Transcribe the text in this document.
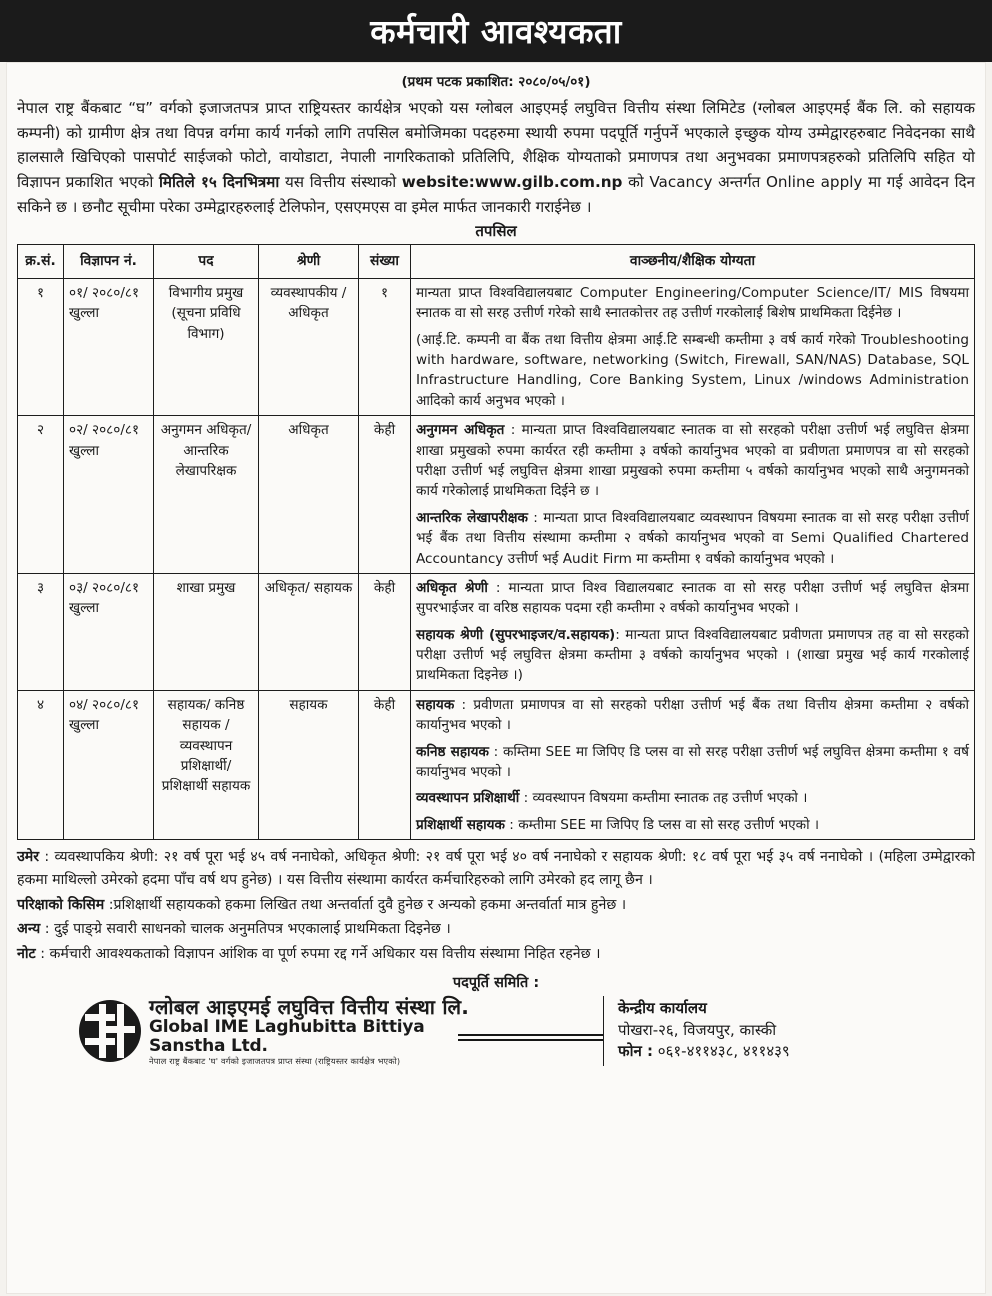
कर्मचारी आवश्यकता
(प्रथम पटक प्रकाशित: २०८०/०५/०१)

नेपाल राष्ट्र बैंकबाट “घ” वर्गको इजाजतपत्र प्राप्त राष्ट्रियस्तर कार्यक्षेत्र भएको यस ग्लोबल आइएमई लघुवित्त वित्तीय संस्था लिमिटेड (ग्लोबल आइएमई बैंक लि. को सहायक कम्पनी) को ग्रामीण क्षेत्र तथा विपन्न वर्गमा कार्य गर्नको लागि तपसिल बमोजिमका पदहरुमा स्थायी रुपमा पदपूर्ति गर्नुपर्ने भएकाले इच्छुक योग्य उम्मेद्वारहरुबाट निवेदनका साथै हालसालै खिचिएको पासपोर्ट साईजको फोटो, वायोडाटा, नेपाली नागरिकताको प्रतिलिपि, शैक्षिक योग्यताको प्रमाणपत्र तथा अनुभवका प्रमाणपत्रहरुको प्रतिलिपि सहित यो विज्ञापन प्रकाशित भएको मितिले १५ दिनभित्रमा यस वित्तीय संस्थाको website:www.gilb.com.np को Vacancy अन्तर्गत Online apply मा गई आवेदन दिन सकिने छ । छनौट सूचीमा परेका उम्मेद्वारहरुलाई टेलिफोन, एसएमएस वा इमेल मार्फत जानकारी गराईनेछ ।

तपसिल
क्र.सं.	विज्ञापन नं.	पद	श्रेणी	संख्या	वाञ्छनीय/शैक्षिक योग्यता
१	०१/ २०८०/८१ खुल्ला	विभागीय प्रमुख (सूचना प्रविधि विभाग)	व्यवस्थापकीय /अधिकृत	१	मान्यता प्राप्त विश्वविद्यालयबाट Computer Engineering/Computer Science/IT/ MIS विषयमा स्नातक वा सो सरह उत्तीर्ण गरेको साथै स्नातकोत्तर तह उत्तीर्ण गरकोलाई बिशेष प्राथमिकता दिईनेछ ।

(आई.टि. कम्पनी वा बैंक तथा वित्तीय क्षेत्रमा आई.टि सम्बन्धी कम्तीमा ३ वर्ष कार्य गरेको Troubleshooting with hardware, software, networking (Switch, Firewall, SAN/NAS) Database, SQL Infrastructure Handling, Core Banking System, Linux /windows Administration आदिको कार्य अनुभव भएको ।

२	०२/ २०८०/८१ खुल्ला	अनुगमन अधिकृत/ आन्तरिक लेखापरिक्षक	अधिकृत	केही	अनुगमन अधिकृत : मान्यता प्राप्त विश्वविद्यालयबाट स्नातक वा सो सरहको परीक्षा उत्तीर्ण भई लघुवित्त क्षेत्रमा शाखा प्रमुखको रुपमा कार्यरत रही कम्तीमा ३ वर्षको कार्यानुभव भएको वा प्रवीणता प्रमाणपत्र वा सो सरहको परीक्षा उत्तीर्ण भई लघुवित्त क्षेत्रमा शाखा प्रमुखको रुपमा कम्तीमा ५ वर्षको कार्यानुभव भएको साथै अनुगमनको कार्य गरेकोलाई प्राथमिकता दिईने छ ।

आन्तरिक लेखापरीक्षक : मान्यता प्राप्त विश्वविद्यालयबाट व्यवस्थापन विषयमा स्नातक वा सो सरह परीक्षा उत्तीर्ण भई बैंक तथा वित्तीय संस्थामा कम्तीमा २ वर्षको कार्यानुभव भएको वा Semi Qualified Chartered Accountancy उत्तीर्ण भई Audit Firm मा कम्तीमा १ वर्षको कार्यानुभव भएको ।

३	०३/ २०८०/८१ खुल्ला	शाखा प्रमुख	अधिकृत/ सहायक	केही	अधिकृत श्रेणी : मान्यता प्राप्त विश्व विद्यालयबाट स्नातक वा सो सरह परीक्षा उत्तीर्ण भई लघुवित्त क्षेत्रमा सुपरभाईजर वा वरिष्ठ सहायक पदमा रही कम्तीमा २ वर्षको कार्यानुभव भएको ।

सहायक श्रेणी (सुपरभाइजर/व.सहायक): मान्यता प्राप्त विश्वविद्यालयबाट प्रवीणता प्रमाणपत्र तह वा सो सरहको परीक्षा उत्तीर्ण भई लघुवित्त क्षेत्रमा कम्तीमा ३ वर्षको कार्यानुभव भएको । (शाखा प्रमुख भई कार्य गरकोलाई प्राथमिकता दिइनेछ ।)

४	०४/ २०८०/८१ खुल्ला	सहायक/ कनिष्ठ सहायक /व्यवस्थापन प्रशिक्षार्थी/ प्रशिक्षार्थी सहायक	सहायक	केही	सहायक : प्रवीणता प्रमाणपत्र वा सो सरहको परीक्षा उत्तीर्ण भई बैंक तथा वित्तीय क्षेत्रमा कम्तीमा २ वर्षको कार्यानुभव भएको ।

कनिष्ठ सहायक : कम्तिमा SEE मा जिपिए डि प्लस वा सो सरह परीक्षा उत्तीर्ण भई लघुवित्त क्षेत्रमा कम्तीमा १ वर्ष कार्यानुभव भएको ।

व्यवस्थापन प्रशिक्षार्थी : व्यवस्थापन विषयमा कम्तीमा स्नातक तह उत्तीर्ण भएको ।

प्रशिक्षार्थी सहायक : कम्तीमा SEE मा जिपिए डि प्लस वा सो सरह उत्तीर्ण भएको ।

उमेर : व्यवस्थापकिय श्रेणी: २१ वर्ष पूरा भई ४५ वर्ष ननाघेको, अधिकृत श्रेणी: २१ वर्ष पूरा भई ४० वर्ष ननाघेको र सहायक श्रेणी: १८ वर्ष पूरा भई ३५ वर्ष ननाघेको । (महिला उम्मेद्वारको हकमा माथिल्लो उमेरको हदमा पाँच वर्ष थप हुनेछ) । यस वित्तीय संस्थामा कार्यरत कर्मचारिहरुको लागि उमेरको हद लागू छैन ।

परिक्षाको किसिम :प्रशिक्षार्थी सहायकको हकमा लिखित तथा अन्तर्वार्ता दुवै हुनेछ र अन्यको हकमा अन्तर्वार्ता मात्र हुनेछ ।

अन्य : दुई पाङ्ग्रे सवारी साधनको चालक अनुमतिपत्र भएकालाई प्राथमिकता दिइनेछ ।

नोट : कर्मचारी आवश्यकताको विज्ञापन आंशिक वा पूर्ण रुपमा रद्द गर्ने अधिकार यस वित्तीय संस्थामा निहित रहनेछ ।

पदपूर्ति समिति :
ग्लोबल आइएमई लघुवित्त वित्तीय संस्था लि.
Global IME Laghubitta Bittiya Sanstha Ltd.
नेपाल राष्ट्र बैंकबाट 'घ' वर्गको इजाजतपत्र प्राप्त संस्था (राष्ट्रियस्तर कार्यक्षेत्र भएको)
केन्द्रीय कार्यालय
पोखरा-२६, विजयपुर, कास्की
फोन : ०६१-४११४३८, ४११४३९
